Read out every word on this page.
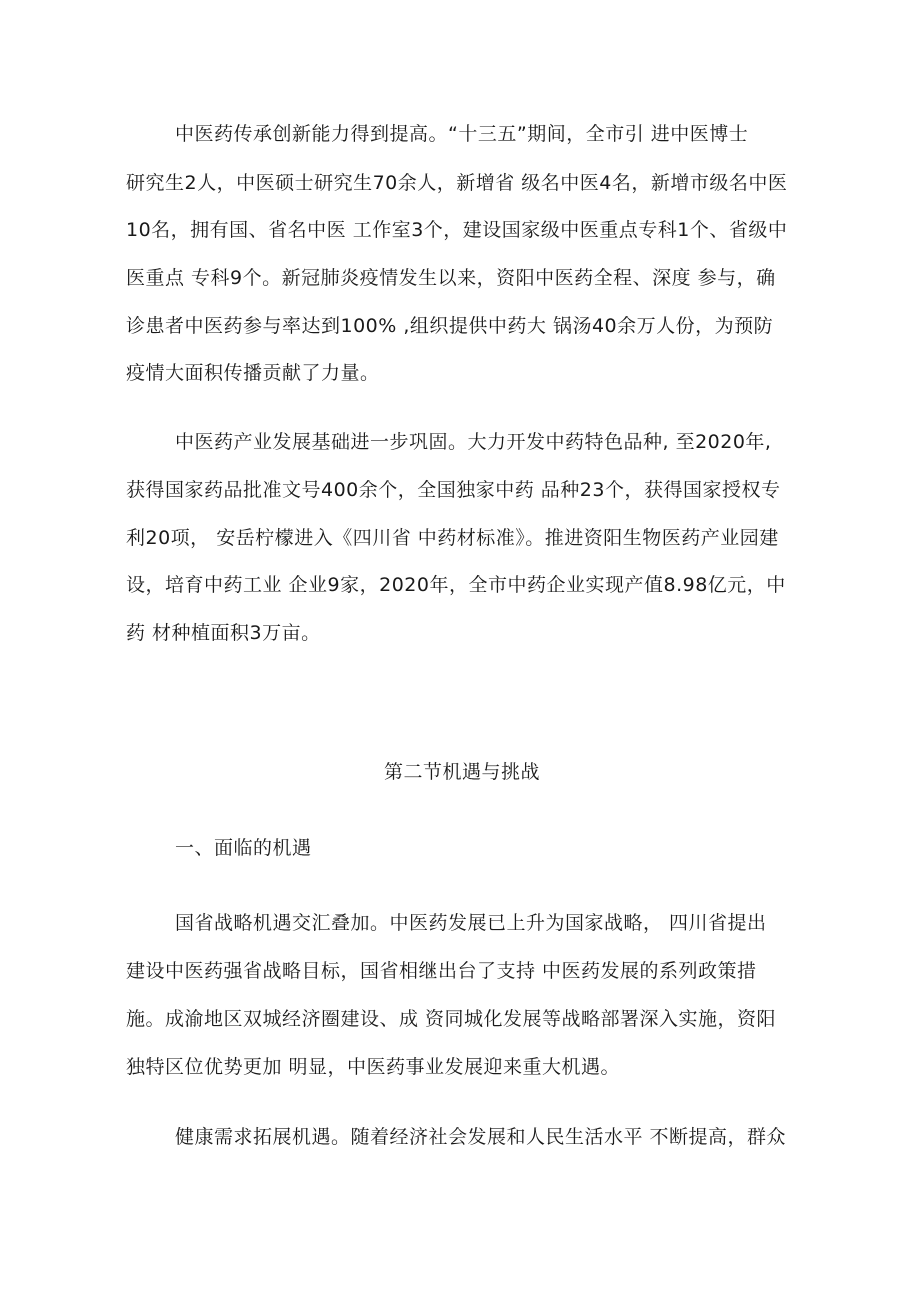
中医药传承创新能力得到提高。“十三五”期间，全市引 进中医博士
研究生2人，中医硕士研究生70余人，新增省 级名中医4名，新增市级名中医
10名，拥有国、省名中医 工作室3个，建设国家级中医重点专科1个、省级中
医重点 专科9个。新冠肺炎疫情发生以来，资阳中医药全程、深度 参与，确
诊患者中医药参与率达到100% ,组织提供中药大 锅汤40余万人份，为预防
疫情大面积传播贡献了力量。
中医药产业发展基础进一步巩固。大力开发中药特色品种, 至2020年,
获得国家药品批准文号400余个，全国独家中药 品种23个，获得国家授权专
利20项， 安岳柠檬进入《四川省 中药材标准》。推进资阳生物医药产业园建
设，培育中药工业 企业9家，2020年，全市中药企业实现产值8.98亿元，中
药 材种植面积3万亩。
第二节机遇与挑战
一、面临的机遇
国省战略机遇交汇叠加。中医药发展已上升为国家战略， 四川省提出
建设中医药强省战略目标，国省相继出台了支持 中医药发展的系列政策措
施。成渝地区双城经济圈建设、成 资同城化发展等战略部署深入实施，资阳
独特区位优势更加 明显，中医药事业发展迎来重大机遇。
健康需求拓展机遇。随着经济社会发展和人民生活水平 不断提高，群众
